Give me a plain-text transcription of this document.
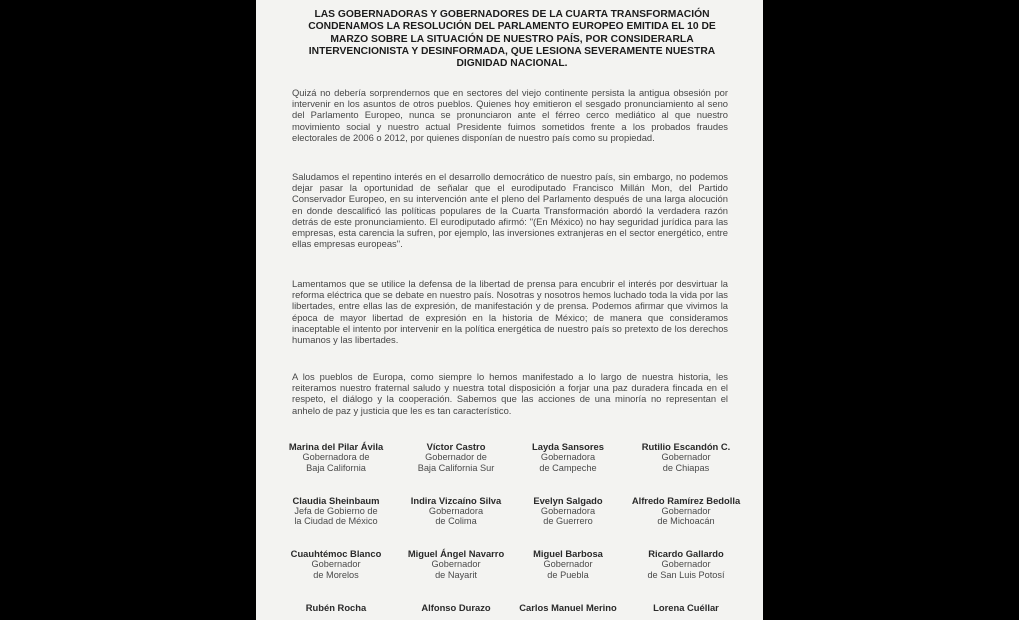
LAS GOBERNADORAS Y GOBERNADORES DE LA CUARTA TRANSFORMACIÓN CONDENAMOS LA RESOLUCIÓN DEL PARLAMENTO EUROPEO EMITIDA EL 10 DE MARZO SOBRE LA SITUACIÓN DE NUESTRO PAÍS, POR CONSIDERARLA INTERVENCIONISTA Y DESINFORMADA, QUE LESIONA SEVERAMENTE NUESTRA DIGNIDAD NACIONAL.
Quizá no debería sorprendernos que en sectores del viejo continente persista la antigua obsesión por intervenir en los asuntos de otros pueblos. Quienes hoy emitieron el sesgado pronunciamiento al seno del Parlamento Europeo, nunca se pronunciaron ante el férreo cerco mediático al que nuestro movimiento social y nuestro actual Presidente fuimos sometidos frente a los probados fraudes electorales de 2006 o 2012, por quienes disponían de nuestro país como su propiedad.
Saludamos el repentino interés en el desarrollo democrático de nuestro país, sin embargo, no podemos dejar pasar la oportunidad de señalar que el eurodiputado Francisco Millán Mon, del Partido Conservador Europeo, en su intervención ante el pleno del Parlamento después de una larga alocución en donde descalificó las políticas populares de la Cuarta Transformación abordó la verdadera razón detrás de este pronunciamiento. El eurodiputado afirmó: "(En México) no hay seguridad jurídica para las empresas, esta carencia la sufren, por ejemplo, las inversiones extranjeras en el sector energético, entre ellas empresas europeas".
Lamentamos que se utilice la defensa de la libertad de prensa para encubrir el interés por desvirtuar la reforma eléctrica que se debate en nuestro país. Nosotras y nosotros hemos luchado toda la vida por las libertades, entre ellas las de expresión, de manifestación y de prensa. Podemos afirmar que vivimos la época de mayor libertad de expresión en la historia de México; de manera que consideramos inaceptable el intento por intervenir en la política energética de nuestro país so pretexto de los derechos humanos y las libertades.
A los pueblos de Europa, como siempre lo hemos manifestado a lo largo de nuestra historia, les reiteramos nuestro fraternal saludo y nuestra total disposición a forjar una paz duradera fincada en el respeto, el diálogo y la cooperación. Sabemos que las acciones de una minoría no representan el anhelo de paz y justicia que les es tan característico.
Marina del Pilar Ávila
Gobernadora de
Baja California
Víctor Castro
Gobernador de
Baja California Sur
Layda Sansores
Gobernadora
de Campeche
Rutilio Escandón C.
Gobernador
de Chiapas
Claudia Sheinbaum
Jefa de Gobierno de
la Ciudad de México
Indira Vizcaíno Silva
Gobernadora
de Colima
Evelyn Salgado
Gobernadora
de Guerrero
Alfredo Ramírez Bedolla
Gobernador
de Michoacán
Cuauhtémoc Blanco
Gobernador
de Morelos
Miguel Ángel Navarro
Gobernador
de Nayarit
Miguel Barbosa
Gobernador
de Puebla
Ricardo Gallardo
Gobernador
de San Luis Potosí
Rubén Rocha	Alfonso Durazo	Carlos Manuel Merino	Lorena Cuéllar
